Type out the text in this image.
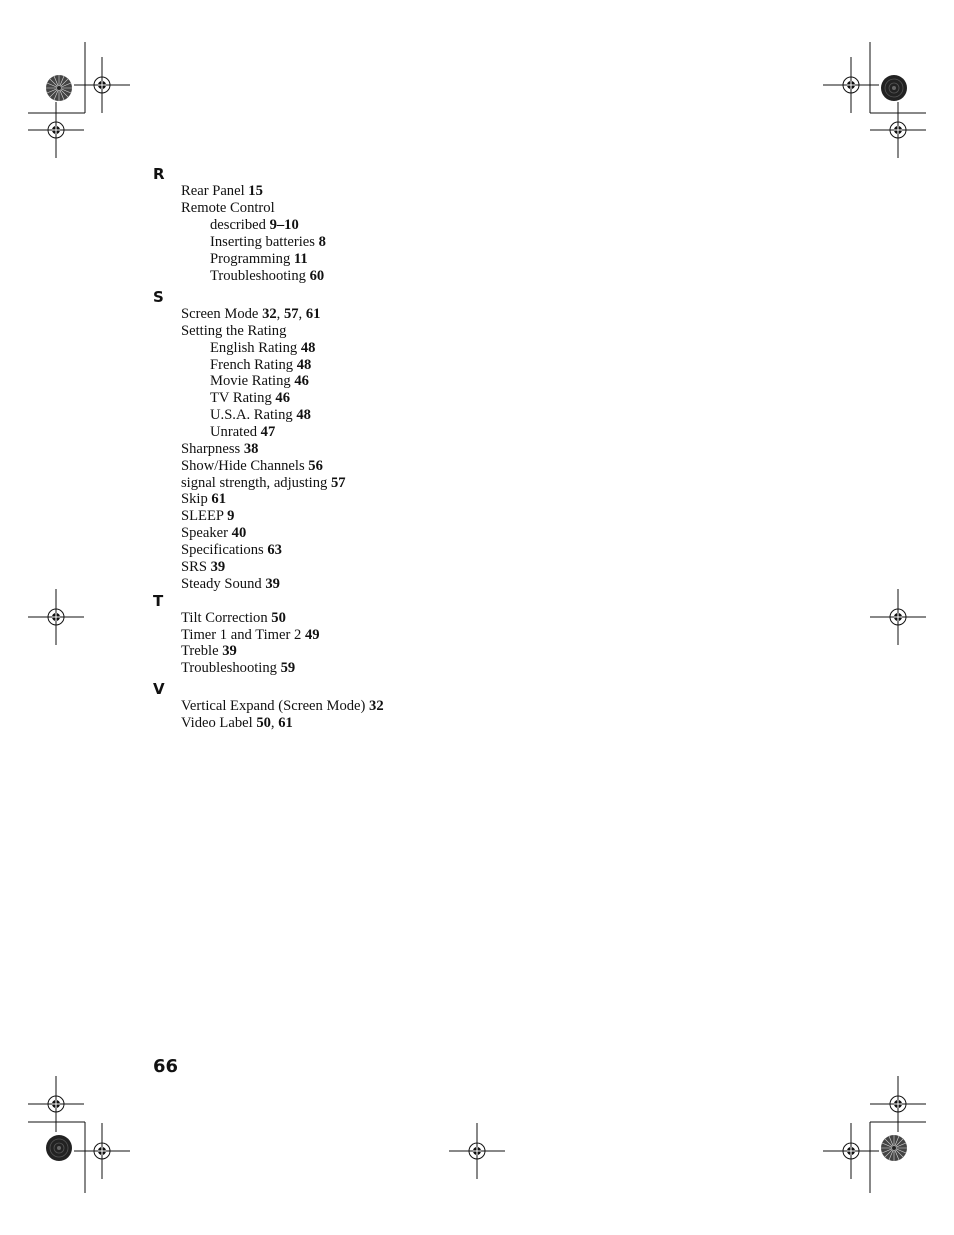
R
Rear Panel 15
Remote Control
described 9–10
Inserting batteries 8
Programming 11
Troubleshooting 60
S
Screen Mode 32, 57, 61
Setting the Rating
English Rating 48
French Rating 48
Movie Rating 46
TV Rating 46
U.S.A. Rating 48
Unrated 47
Sharpness 38
Show/Hide Channels 56
signal strength, adjusting 57
Skip 61
SLEEP 9
Speaker 40
Specifications 63
SRS 39
Steady Sound 39
T
Tilt Correction 50
Timer 1 and Timer 2 49
Treble 39
Troubleshooting 59
V
Vertical Expand (Screen Mode) 32
Video Label 50, 61
66
